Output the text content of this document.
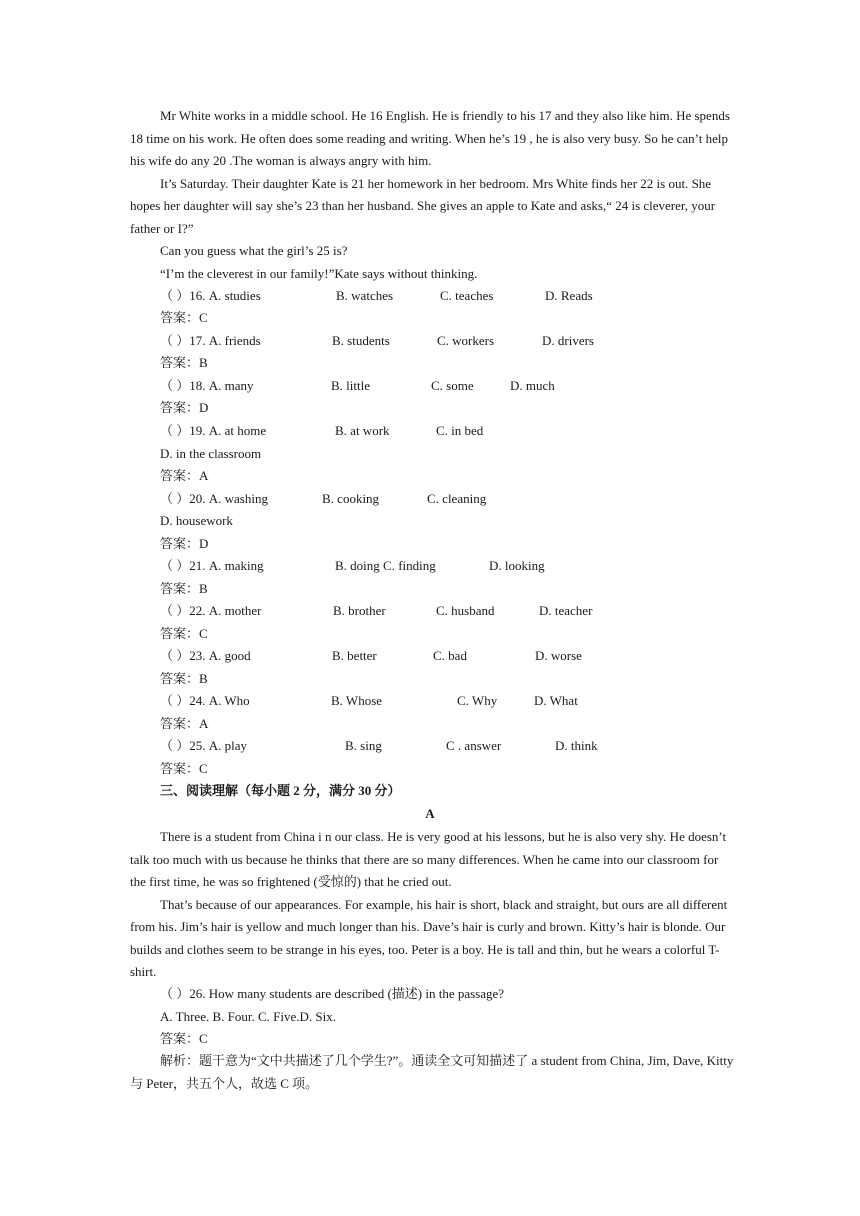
Mr White works in a middle school. He 16 English. He is friendly to his 17 and they also like him. He spends 18 time on his work. He often does some reading and writing. When he’s 19 , he is also very busy. So he can’t help his wife do any 20 .The woman is always angry with him.

It’s Saturday. Their daughter Kate is 21 her homework in her bedroom. Mrs White finds her 22 is out. She hopes her daughter will say she’s 23 than her husband. She gives an apple to Kate and asks,“ 24 is cleverer, your father or I?”

Can you guess what the girl’s 25 is?

“I’m the cleverest in our family!”Kate says without thinking.

（ ）16. A. studies	B. watches	C. teaches	D. Reads
答案：C
（ ）17. A. friends	B. students	C. workers	D. drivers
答案：B
（ ）18. A. many	B. little	C. some	D. much
答案：D
（ ）19. A. at home	B. at work	C. in bed
D. in the classroom
答案：A
（ ）20. A. washing	B. cooking	C. cleaning
D. housework
答案：D
（ ）21. A. making	B. doing C. finding	D. looking
答案：B
（ ）22. A. mother	B. brother	C. husband	D. teacher
答案：C
（ ）23. A. good	B. better	C. bad	D. worse
答案：B
（ ）24. A. Who	B. Whose	C. Why	D. What
答案：A
（ ）25. A. play	B. sing	C . answer	D. think
答案：C
三、阅读理解（每小题 2 分，满分 30 分）
A

There is a student from China i n our class. He is very good at his lessons, but he is also very shy. He doesn’t talk too much with us because he thinks that there are so many differences. When he came into our classroom for the first time, he was so frightened (受惊的) that he cried out.

That’s because of our appearances. For example, his hair is short, black and straight, but ours are all different from his. Jim’s hair is yellow and much longer than his. Dave’s hair is curly and brown. Kitty’s hair is blonde. Our builds and clothes seem to be strange in his eyes, too. Peter is a boy. He is tall and thin, but he wears a colorful T-shirt.

（ ）26. How many students are described (描述) in the passage?
A. Three. B. Four. C. Five.D. Six.
答案：C

解析：题干意为“文中共描述了几个学生?”。通读全文可知描述了 a student from China, Jim, Dave, Kitty 与 Peter，共五个人，故选 C 项。
